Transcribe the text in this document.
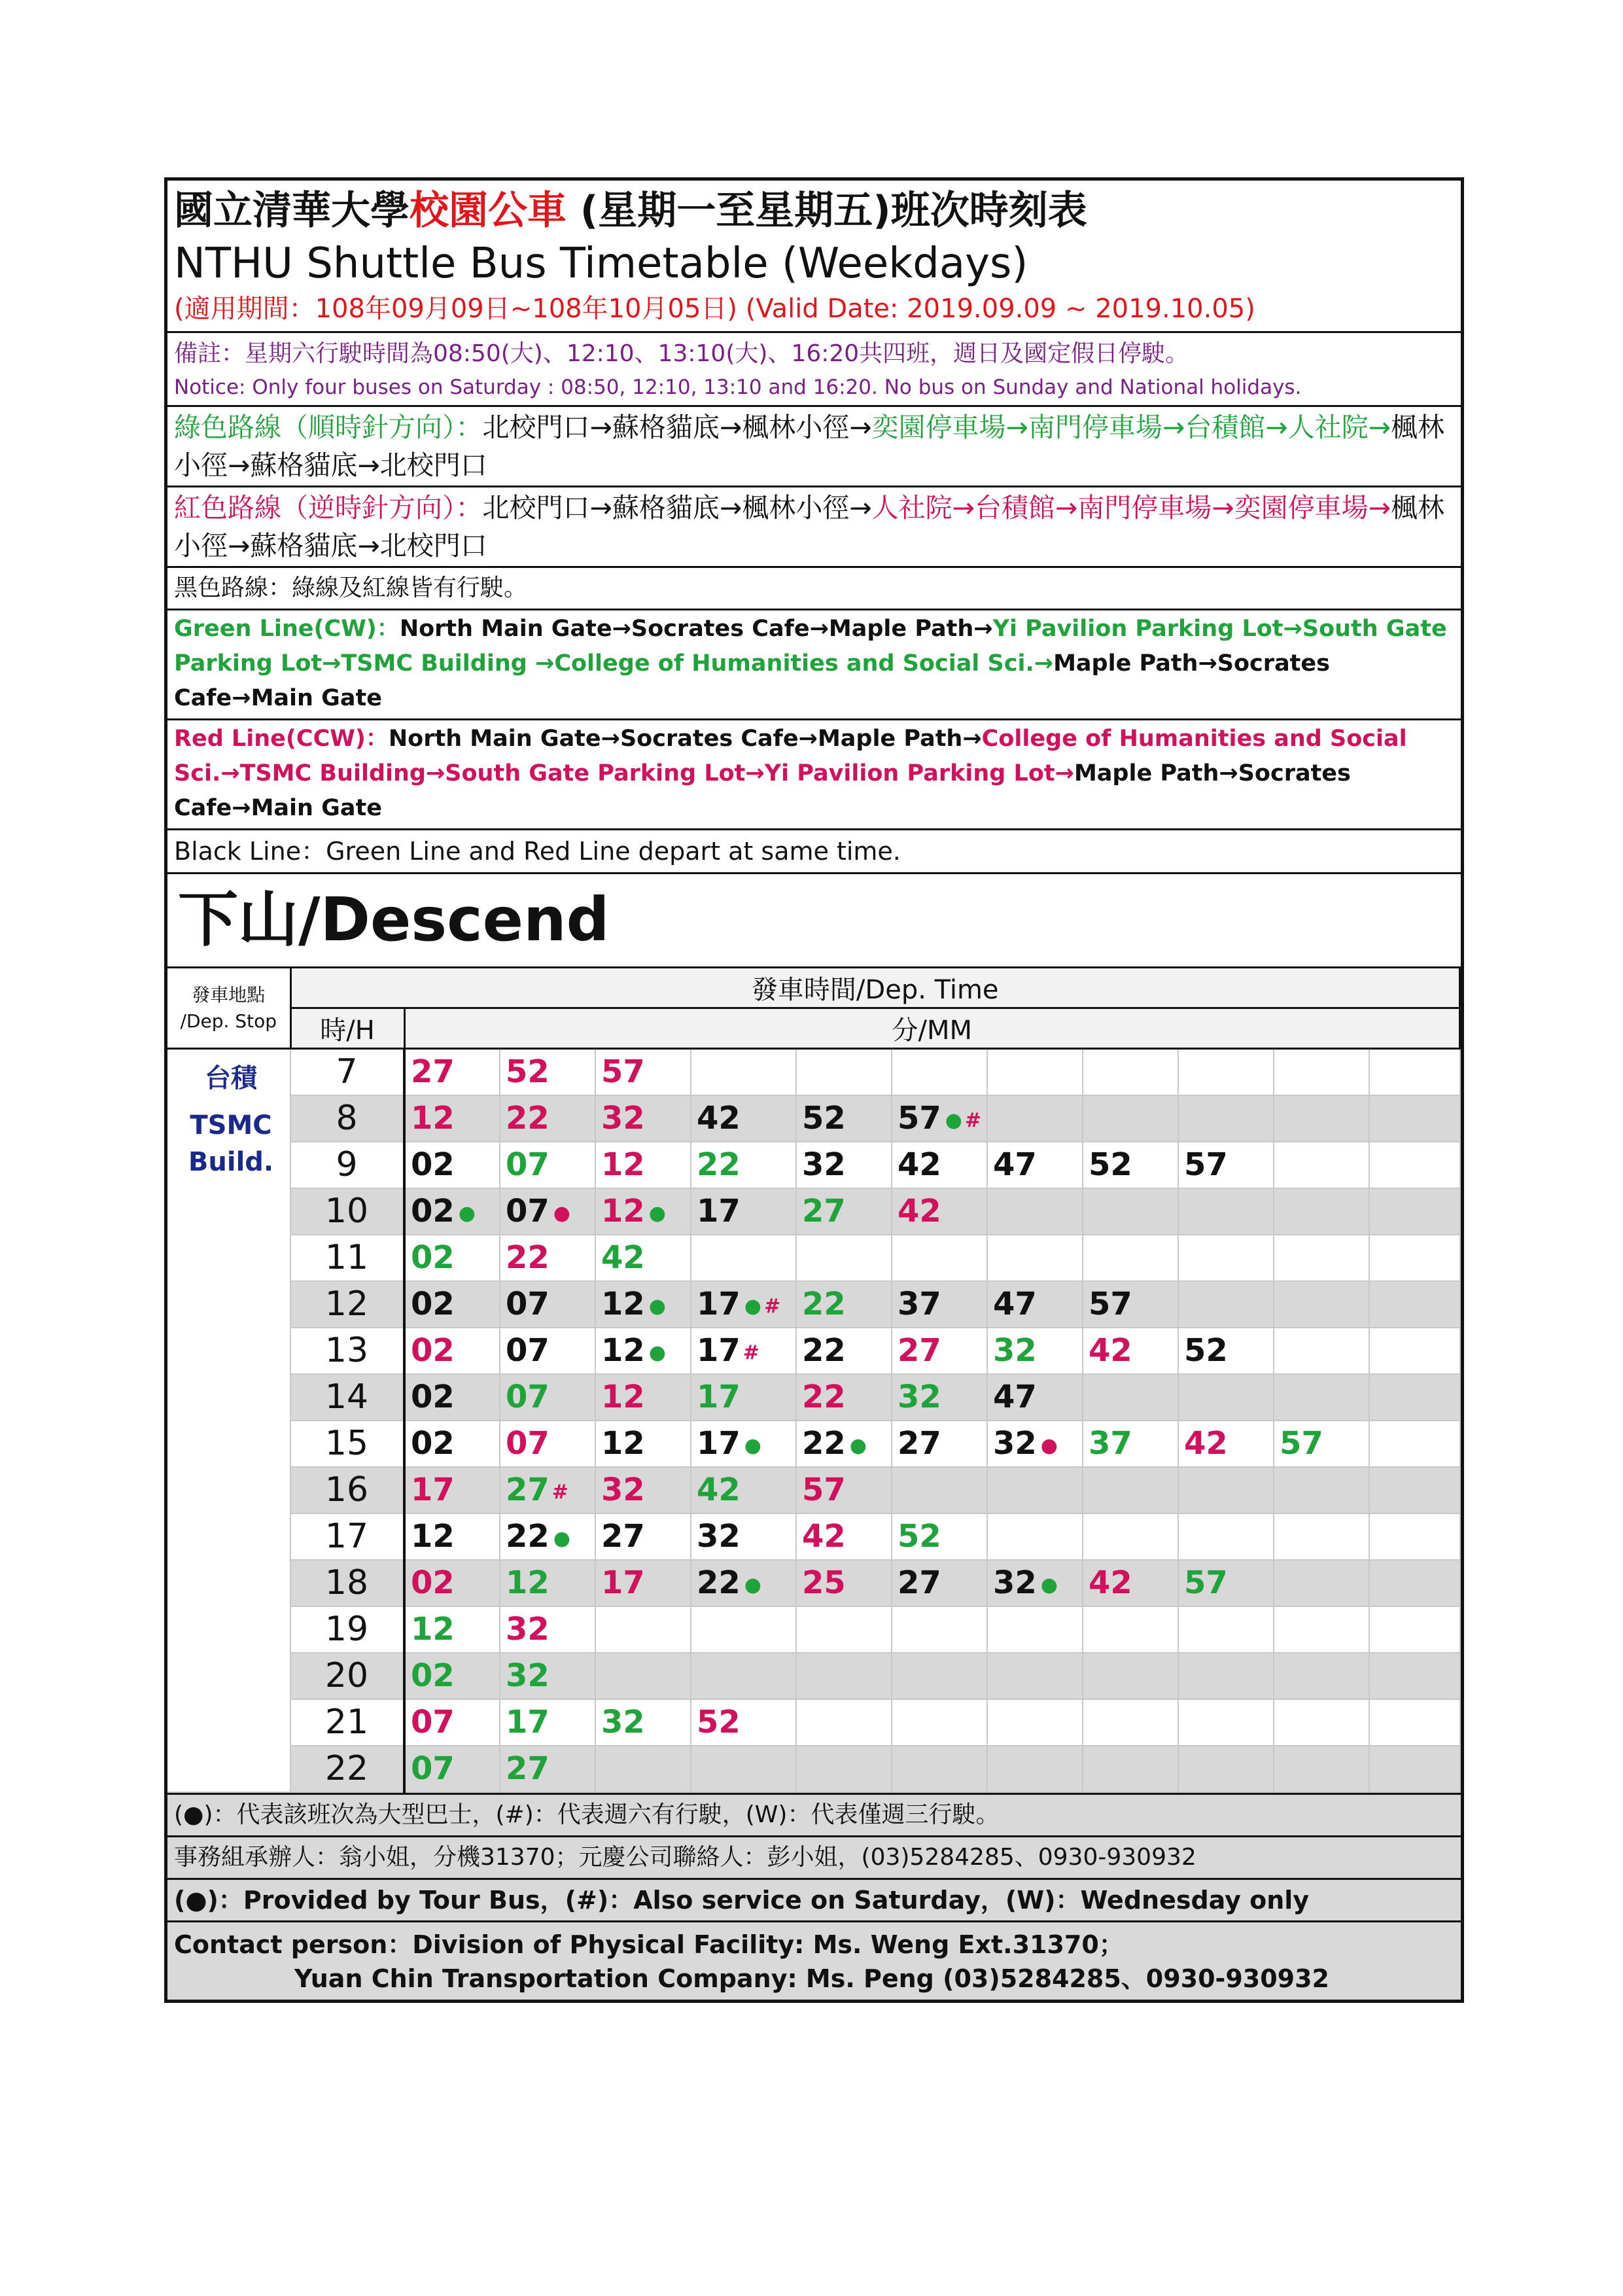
國立清華大學校園公車 (星期一至星期五)班次時刻表

NTHU Shuttle Bus Timetable (Weekdays)

(適用期間：108年09月09日~108年10月05日) (Valid Date: 2019.09.09 ~ 2019.10.05)

備註：星期六行駛時間為08:50(大)、12:10、13:10(大)、16:20共四班，週日及國定假日停駛。

Notice: Only four buses on Saturday : 08:50, 12:10, 13:10 and 16:20. No bus on Sunday and National holidays.

綠色路線（順時針方向）：北校門口→蘇格貓底→楓林小徑→奕園停車場→南門停車場→台積館→人社院→楓林小徑→蘇格貓底→北校門口

紅色路線（逆時針方向）：北校門口→蘇格貓底→楓林小徑→人社院→台積館→南門停車場→奕園停車場→楓林小徑→蘇格貓底→北校門口

黑色路線：綠線及紅線皆有行駛。

Green Line(CW)：North Main Gate→Socrates Cafe→Maple Path→Yi Pavilion Parking Lot→South Gate Parking Lot→TSMC Building →College of Humanities and Social Sci.→Maple Path→Socrates Cafe→Main Gate

Red Line(CCW)：North Main Gate→Socrates Cafe→Maple Path→College of Humanities and Social Sci.→TSMC Building→South Gate Parking Lot→Yi Pavilion Parking Lot→Maple Path→Socrates Cafe→Main Gate

Black Line：Green Line and Red Line depart at same time.

下山/Descend
發車地點
/Dep. Stop	發車時間/Dep. Time											
	時/H	分/MM										

台積
TSMC
Build.	7	27	52	57								
	8	12	22	32	42	52	57 ● #					
	9	02	07	12	22	32	42	47	52	57		
	10	02 ●	07 ●	12 ●	17	27	42					
	11	02	22	42								
	12	02	07	12 ●	17 ● #	22	37	47	57			
	13	02	07	12 ●	17 #	22	27	32	42	52		
	14	02	07	12	17	22	32	47				
	15	02	07	12	17 ●	22 ●	27	32 ●	37	42	57	
	16	17	27 #	32	42	57						
	17	12	22 ●	27	32	42	52					
	18	02	12	17	22 ●	25	27	32 ●	42	57		
	19	12	32									
	20	02	32									
	21	07	17	32	52							
	22	07	27									
(●)：代表該班次為大型巴士，(#)：代表週六有行駛，(W)：代表僅週三行駛。
事務組承辦人：翁小姐，分機31370；元慶公司聯絡人：彭小姐，(03)5284285、0930-930932
(●)：Provided by Tour Bus，(#)：Also service on Saturday，(W)：Wednesday only
Contact person：Division of Physical Facility: Ms. Weng Ext.31370；
Yuan Chin Transportation Company: Ms. Peng (03)5284285、0930-930932
